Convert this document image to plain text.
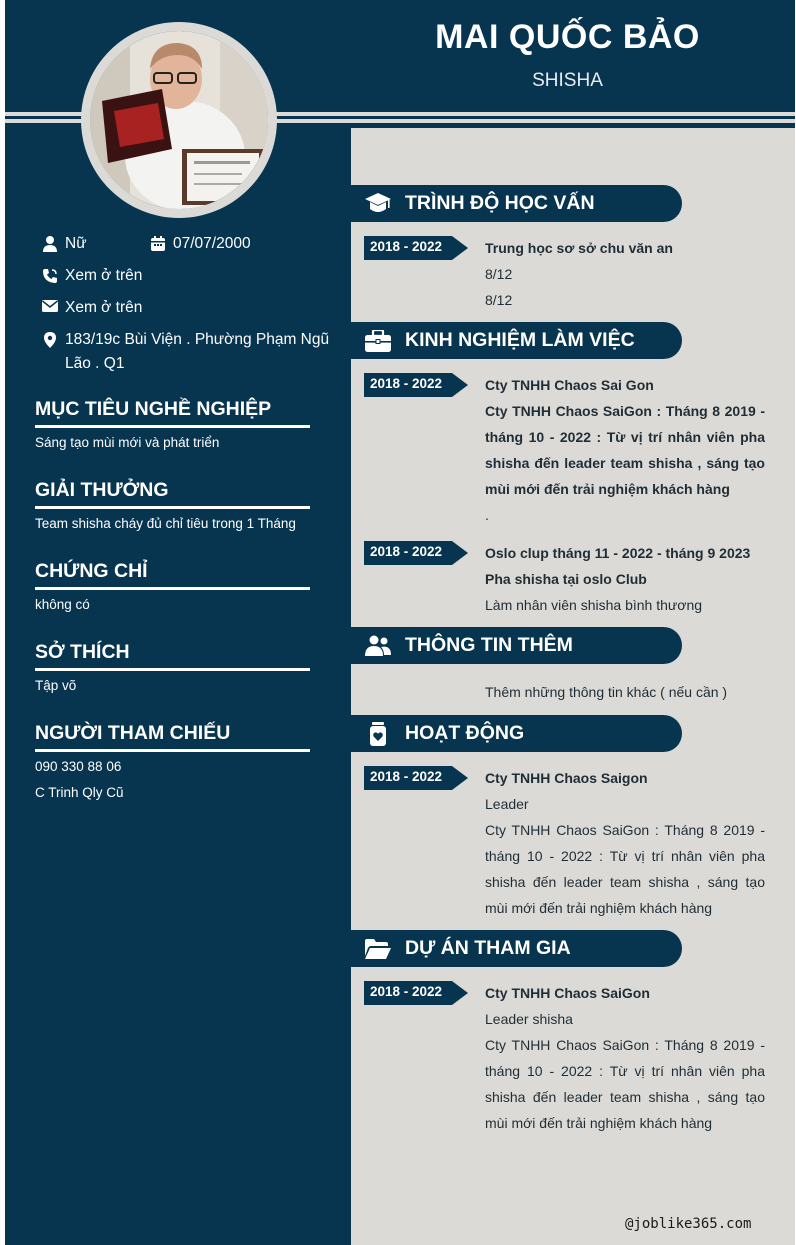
MAI QUỐC BẢO
SHISHA
Nữ	07/07/2000
Xem ở trên
Xem ở trên
183/19c Bùi Viện . Phường Phạm Ngũ Lão . Q1
MỤC TIÊU NGHỀ NGHIỆP
Sáng tạo mùi mới và phát triển
GIẢI THƯỞNG
Team shisha cháy đủ chỉ tiêu trong 1 Tháng
CHỨNG CHỈ
không có
SỞ THÍCH
Tập võ
NGƯỜI THAM CHIẾU
090 330 88 06
C Trinh Qly Cũ
TRÌNH ĐỘ HỌC VẤN
2018 - 2022	Trung học sơ sở chu văn an
8/12
8/12
KINH NGHIỆM LÀM VIỆC
2018 - 2022	Cty TNHH Chaos Sai Gon
Cty TNHH Chaos SaiGon : Tháng 8 2019 - tháng 10 - 2022 : Từ vị trí nhân viên pha shisha đến leader team shisha , sáng tạo mùi mới đến trải nghiệm khách hàng
.
2018 - 2022	Oslo clup tháng 11 - 2022 - tháng 9 2023
Pha shisha tại oslo Club
Làm nhân viên shisha bình thương
THÔNG TIN THÊM
Thêm những thông tin khác ( nếu cần )
HOẠT ĐỘNG
2018 - 2022	Cty TNHH Chaos Saigon
Leader
Cty TNHH Chaos SaiGon : Tháng 8 2019 - tháng 10 - 2022 : Từ vị trí nhân viên pha shisha đến leader team shisha , sáng tạo mùi mới đến trải nghiệm khách hàng
DỰ ÁN THAM GIA
2018 - 2022	Cty TNHH Chaos SaiGon
Leader shisha
Cty TNHH Chaos SaiGon : Tháng 8 2019 - tháng 10 - 2022 : Từ vị trí nhân viên pha shisha đến leader team shisha , sáng tạo mùi mới đến trải nghiệm khách hàng
@joblike365.com
